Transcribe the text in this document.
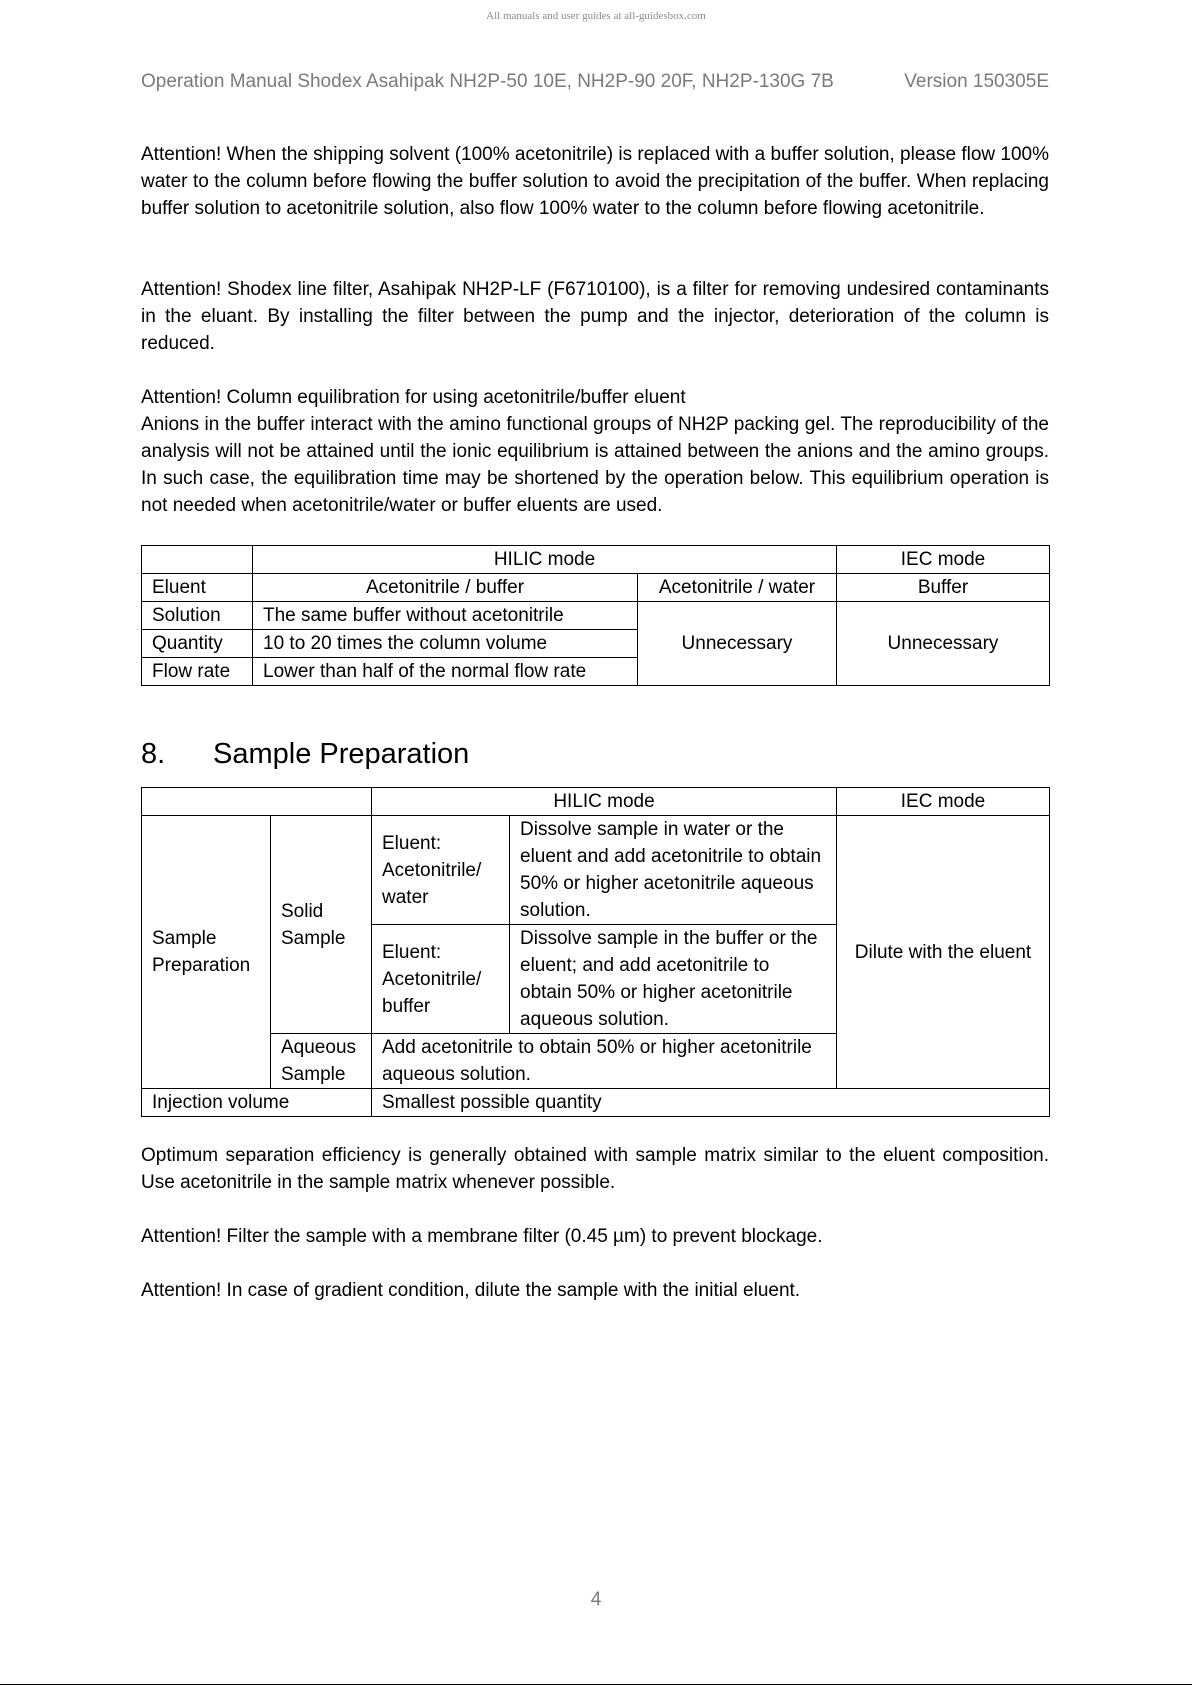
All manuals and user guides at all-guidesbox.com
Operation Manual Shodex Asahipak NH2P-50 10E, NH2P-90 20F, NH2P-130G 7B	Version 150305E

Attention! When the shipping solvent (100% acetonitrile) is replaced with a buffer solution, please flow 100% water to the column before flowing the buffer solution to avoid the precipitation of the buffer. When replacing buffer solution to acetonitrile solution, also flow 100% water to the column before flowing acetonitrile.

Attention! Shodex line filter, Asahipak NH2P-LF (F6710100), is a filter for removing undesired contaminants in the eluant. By installing the filter between the pump and the injector, deterioration of the column is reduced.

Attention! Column equilibration for using acetonitrile/buffer eluent

Anions in the buffer interact with the amino functional groups of NH2P packing gel. The reproducibility of the analysis will not be attained until the ionic equilibrium is attained between the anions and the amino groups. In such case, the equilibration time may be shortened by the operation below. This equilibrium operation is not needed when acetonitrile/water or buffer eluents are used.

	HILIC mode		IEC mode
Eluent	Acetonitrile / buffer	Acetonitrile / water	Buffer
Solution	The same buffer without acetonitrile	Unnecessary	Unnecessary
Quantity	10 to 20 times the column volume		
Flow rate	Lower than half of the normal flow rate		
8. Sample Preparation
		HILIC mode		IEC mode
Sample Preparation	Solid Sample	Eluent: Acetonitrile/ water	Dissolve sample in water or the eluent and add acetonitrile to obtain 50% or higher acetonitrile aqueous solution.	Dilute with the eluent
		Eluent: Acetonitrile/ buffer	Dissolve sample in the buffer or the eluent; and add acetonitrile to obtain 50% or higher acetonitrile aqueous solution.	
	Aqueous Sample	Add acetonitrile to obtain 50% or higher acetonitrile aqueous solution.		
Injection volume		Smallest possible quantity		

Optimum separation efficiency is generally obtained with sample matrix similar to the eluent composition. Use acetonitrile in the sample matrix whenever possible.

Attention! Filter the sample with a membrane filter (0.45 µm) to prevent blockage.

Attention! In case of gradient condition, dilute the sample with the initial eluent.

4
